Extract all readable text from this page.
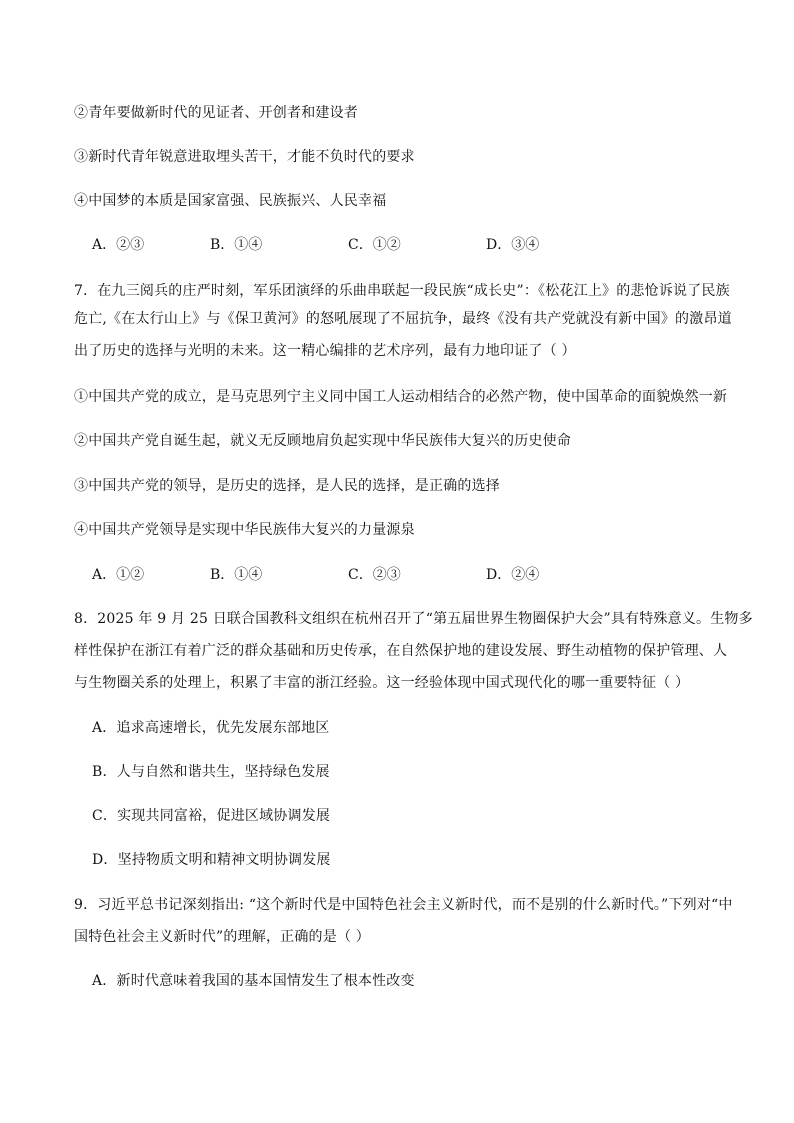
②青年要做新时代的见证者、开创者和建设者
③新时代青年锐意进取埋头苦干，才能不负时代的要求
④中国梦的本质是国家富强、民族振兴、人民幸福
A．②③	B．①④	C．①②	D．③④
7．在九三阅兵的庄严时刻，军乐团演绎的乐曲串联起一段民族“成长史”：《松花江上》的悲怆诉说了民族
危亡,《在太行山上》与《保卫黄河》的怒吼展现了不屈抗争，最终《没有共产党就没有新中国》的激昂道
出了历史的选择与光明的未来。这一精心编排的艺术序列，最有力地印证了（ ）
①中国共产党的成立，是马克思列宁主义同中国工人运动相结合的必然产物，使中国革命的面貌焕然一新
②中国共产党自诞生起，就义无反顾地肩负起实现中华民族伟大复兴的历史使命
③中国共产党的领导，是历史的选择，是人民的选择，是正确的选择
④中国共产党领导是实现中华民族伟大复兴的力量源泉
A．①②	B．①④	C．②③	D．②④
8．2025 年 9 月 25 日联合国教科文组织在杭州召开了“第五届世界生物圈保护大会”具有特殊意义。生物多
样性保护在浙江有着广泛的群众基础和历史传承，在自然保护地的建设发展、野生动植物的保护管理、人
与生物圈关系的处理上，积累了丰富的浙江经验。这一经验体现中国式现代化的哪一重要特征（ ）
A．追求高速增长，优先发展东部地区
B．人与自然和谐共生，坚持绿色发展
C．实现共同富裕，促进区域协调发展
D．坚持物质文明和精神文明协调发展
9．习近平总书记深刻指出: “这个新时代是中国特色社会主义新时代，而不是别的什么新时代。”下列对“中
国特色社会主义新时代”的理解，正确的是（ ）
A．新时代意味着我国的基本国情发生了根本性改变
